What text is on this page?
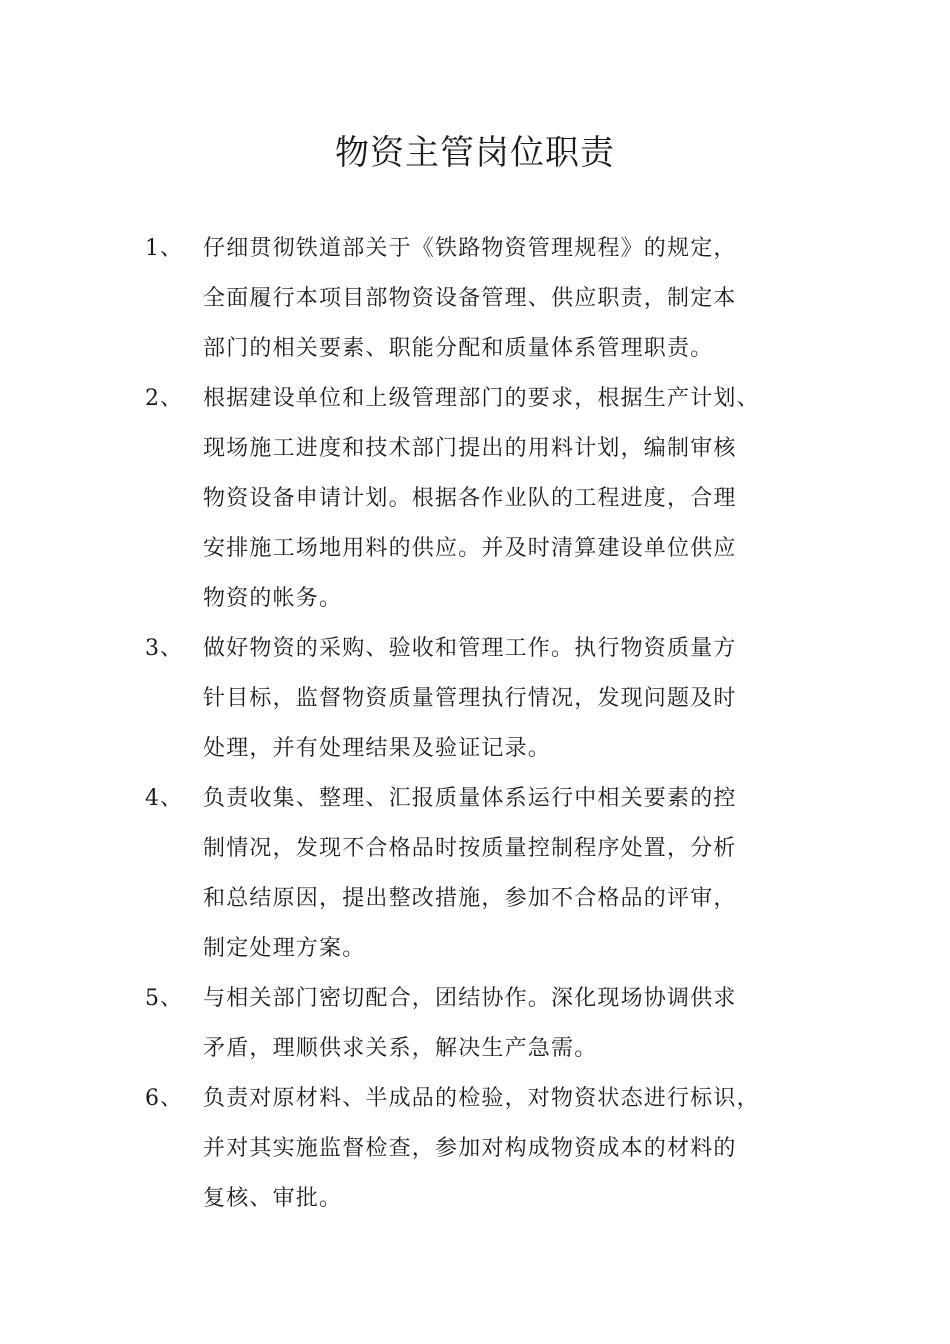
物资主管岗位职责
1、 仔细贯彻铁道部关于《铁路物资管理规程》的规定，
全面履行本项目部物资设备管理、供应职责，制定本
部门的相关要素、职能分配和质量体系管理职责。
2、 根据建设单位和上级管理部门的要求，根据生产计划、
现场施工进度和技术部门提出的用料计划，编制审核
物资设备申请计划。根据各作业队的工程进度，合理
安排施工场地用料的供应。并及时清算建设单位供应
物资的帐务。
3、 做好物资的采购、验收和管理工作。执行物资质量方
针目标，监督物资质量管理执行情况，发现问题及时
处理，并有处理结果及验证记录。
4、 负责收集、整理、汇报质量体系运行中相关要素的控
制情况，发现不合格品时按质量控制程序处置，分析
和总结原因，提出整改措施，参加不合格品的评审，
制定处理方案。
5、 与相关部门密切配合，团结协作。深化现场协调供求
矛盾，理顺供求关系，解决生产急需。
6、 负责对原材料、半成品的检验，对物资状态进行标识，
并对其实施监督检查，参加对构成物资成本的材料的
复核、审批。
